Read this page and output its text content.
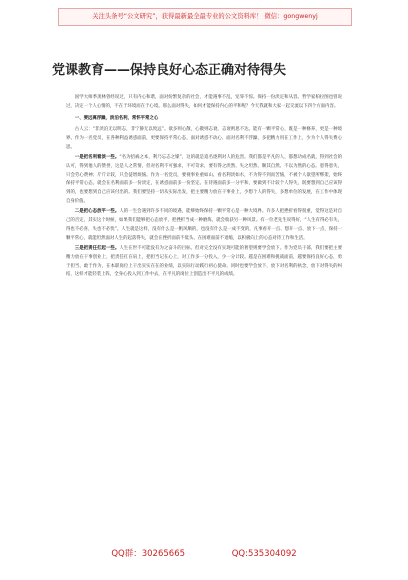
关注头条号“公文研究”，获得最新最全最专业的公文资料库！ 微信：gongwenyj
党课教育——保持良好心态正确对待得失

国学大师季羡林曾经说过，只有内心和谐，面对纷繁复杂的社会，才能遇事不乱，宠辱不惊。保持一份淡定和从容。哲学家柏拉图也曾说过，决定一个人心情的，不在于环境而在于心境。那么面对得失，如何才能保持内心的平和呢？今天我就和大家一起交流以下四个方面内容。

一、要远离浮躁，淡泊名利，常怀平常之心

古人云：“非淡泊无以明志，非宁静无以致远”。欲多则心散，心散则志衰，志衰则思不达。能有一颗平常心，既是一种修养，更是一种境界。作为一名党员，在各种利益诱惑面前，更要保持平常心态，面对诱惑不动心、面对名利不浮躁，多把精力用在工作上，少为个人得失费心思。

一是把名利看淡一些。“名为招祸之本，利乃忘志之媒”，这的就是追名逐利对人的危害。我们都是平凡的人，都想功成名就，得到社会的认可，得到他人的赞誉，这是人之常情，但对名利不可强求，不可苛求，要有得之淡然、失之坦然、顺其自然、不以为然的心态。患得患失，只会劳心费神；斤斤计较，只会徒增烦恼。作为一名党员，要视事业重如山、看名利淡如水，不为得不到而苦恼，不被个人欲望所绑架，始终保持平常心态，就会在名利面前多一份淡定，在诱惑面前多一份坚定。在待遇面前多一分平和，要做到不计较个人得失，既要想到自己应该得到的，也要想到自己应该付出的。我们要坚持一切从实际出发，把主要精力放在干事业上，少想个人的得失，多想单位的发展，在工作中体现自身价值。

二是把心态放平一些。人的一生会遇到许多不同的境遇，能够始终保持一颗平常心是一种大境界。许多人把挫折看得很重，觉得这是对自己的否定，其实这个时候，如果我们能够把心态放平，把挫折当成一种磨炼，就会收获另一种风景。有一位老先生说得好，“人生有得必有失，得也不必喜，失也不必忧”。人生就是这样，没有什么是一帆风顺的，也没有什么是一成不变的，凡事看开一点、想开一点、放下一点，保持一颗平常心，就能坦然面对人生的起落得失，就会在挫折面前不低头、在困难面前不退缩，以积极向上的心态对待工作和生活。

三是把责任扛起一些。人生在世不可能没有为之奋斗的目标，但对完全没有实现可能的奢望则要学会放下。作为党员干部，我们要把主要精力放在干事创业上，把责任扛在肩上，把担当记在心上，对工作多一分投入，少一分计较。越是在困难和挑战面前，越要保持良好心态，勇于担当、敢于作为，在本职岗位上干出实实在在的业绩，以实际行动践行初心使命。同时也要学会放下，放下对名利的执念，放下对得失的纠结，这样才能轻装上阵，全身心投入到工作中去，在平凡的岗位上创造出不平凡的成绩。

QQ群：30265665	QQ:535304092
